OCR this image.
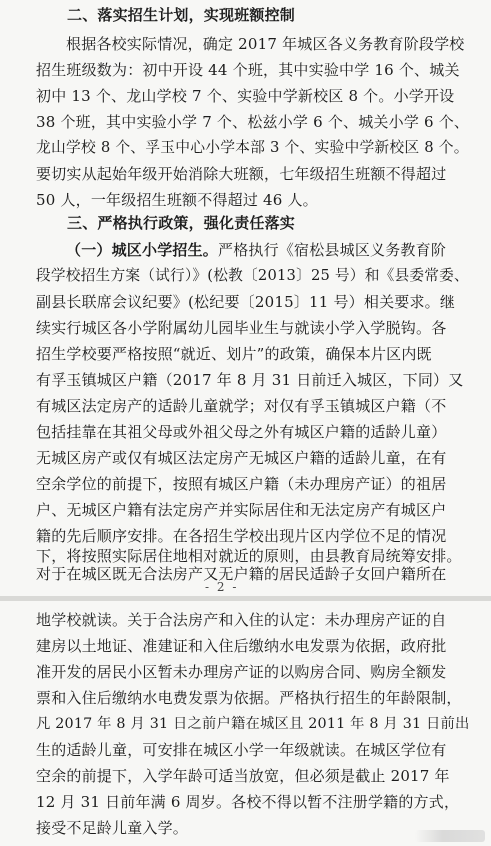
二、落实招生计划，实现班额控制
根据各校实际情况，确定 2017 年城区各义务教育阶段学校
招生班级数为：初中开设 44 个班，其中实验中学 16 个、城关
初中 13 个、龙山学校 7 个、实验中学新校区 8 个。小学开设
38 个班，其中实验小学 7 个、松兹小学 6 个、城关小学 6 个、
龙山学校 8 个、孚玉中心小学本部 3 个、实验中学新校区 8 个。
要切实从起始年级开始消除大班额，七年级招生班额不得超过
50 人，一年级招生班额不得超过 46 人。
三、严格执行政策，强化责任落实
（一）城区小学招生。严格执行《宿松县城区义务教育阶
段学校招生方案（试行）》(松教〔2013〕25 号）和《县委常委、
副县长联席会议纪要》(松纪要〔2015〕11 号）相关要求。继
续实行城区各小学附属幼儿园毕业生与就读小学入学脱钩。各
招生学校要严格按照“就近、划片”的政策，确保本片区内既
有孚玉镇城区户籍（2017 年 8 月 31 日前迁入城区，下同）又
有城区法定房产的适龄儿童就学；对仅有孚玉镇城区户籍（不
包括挂靠在其祖父母或外祖父母之外有城区户籍的适龄儿童）
无城区房产或仅有城区法定房产无城区户籍的适龄儿童，在有
空余学位的前提下，按照有城区户籍（未办理房产证）的祖居
户、无城区户籍有法定房产并实际居住和无法定房产有城区户
籍的先后顺序安排。在各招生学校出现片区内学位不足的情况
下，将按照实际居住地相对就近的原则，由县教育局统筹安排。
对于在城区既无合法房产又无户籍的居民适龄子女回户籍所在
- 2 -
地学校就读。关于合法房产和入住的认定：未办理房产证的自
建房以土地证、准建证和入住后缴纳水电发票为依据，政府批
准开发的居民小区暂未办理房产证的以购房合同、购房全额发
票和入住后缴纳水电费发票为依据。严格执行招生的年龄限制，
凡 2017 年 8 月 31 日之前户籍在城区且 2011 年 8 月 31 日前出
生的适龄儿童，可安排在城区小学一年级就读。在城区学位有
空余的前提下，入学年龄可适当放宽，但必须是截止 2017 年
12 月 31 日前年满 6 周岁。各校不得以暂不注册学籍的方式，
接受不足龄儿童入学。
